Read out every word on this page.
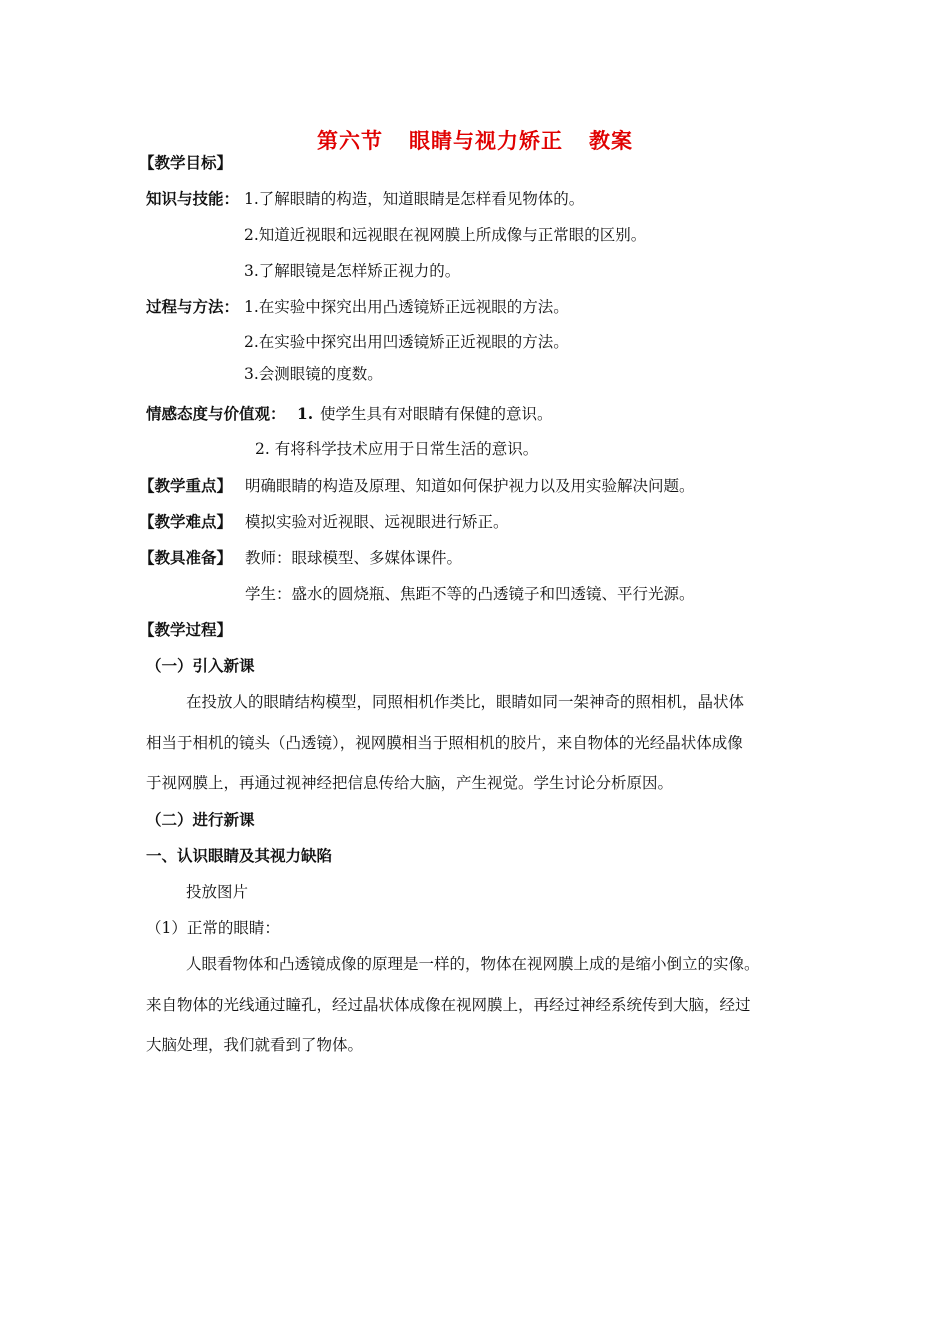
第六节 眼睛与视力矫正 教案
【教学目标】
知识与技能： 1.了解眼睛的构造，知道眼睛是怎样看见物体的。
2.知道近视眼和远视眼在视网膜上所成像与正常眼的区别。
3.了解眼镜是怎样矫正视力的。
过程与方法： 1.在实验中探究出用凸透镜矫正远视眼的方法。
2.在实验中探究出用凹透镜矫正近视眼的方法。
3.会测眼镜的度数。
情感态度与价值观： 1. 使学生具有对眼睛有保健的意识。
2. 有将科学技术应用于日常生活的意识。
【教学重点】 明确眼睛的构造及原理、知道如何保护视力以及用实验解决问题。
【教学难点】 模拟实验对近视眼、远视眼进行矫正。
【教具准备】 教师：眼球模型、多媒体课件。
学生：盛水的圆烧瓶、焦距不等的凸透镜子和凹透镜、平行光源。
【教学过程】
（一）引入新课
在投放人的眼睛结构模型，同照相机作类比，眼睛如同一架神奇的照相机，晶状体
相当于相机的镜头（凸透镜），视网膜相当于照相机的胶片，来自物体的光经晶状体成像
于视网膜上，再通过视神经把信息传给大脑，产生视觉。学生讨论分析原因。
（二）进行新课
一、认识眼睛及其视力缺陷
投放图片
（1）正常的眼睛：
人眼看物体和凸透镜成像的原理是一样的，物体在视网膜上成的是缩小倒立的实像。
来自物体的光线通过瞳孔，经过晶状体成像在视网膜上，再经过神经系统传到大脑，经过
大脑处理，我们就看到了物体。
